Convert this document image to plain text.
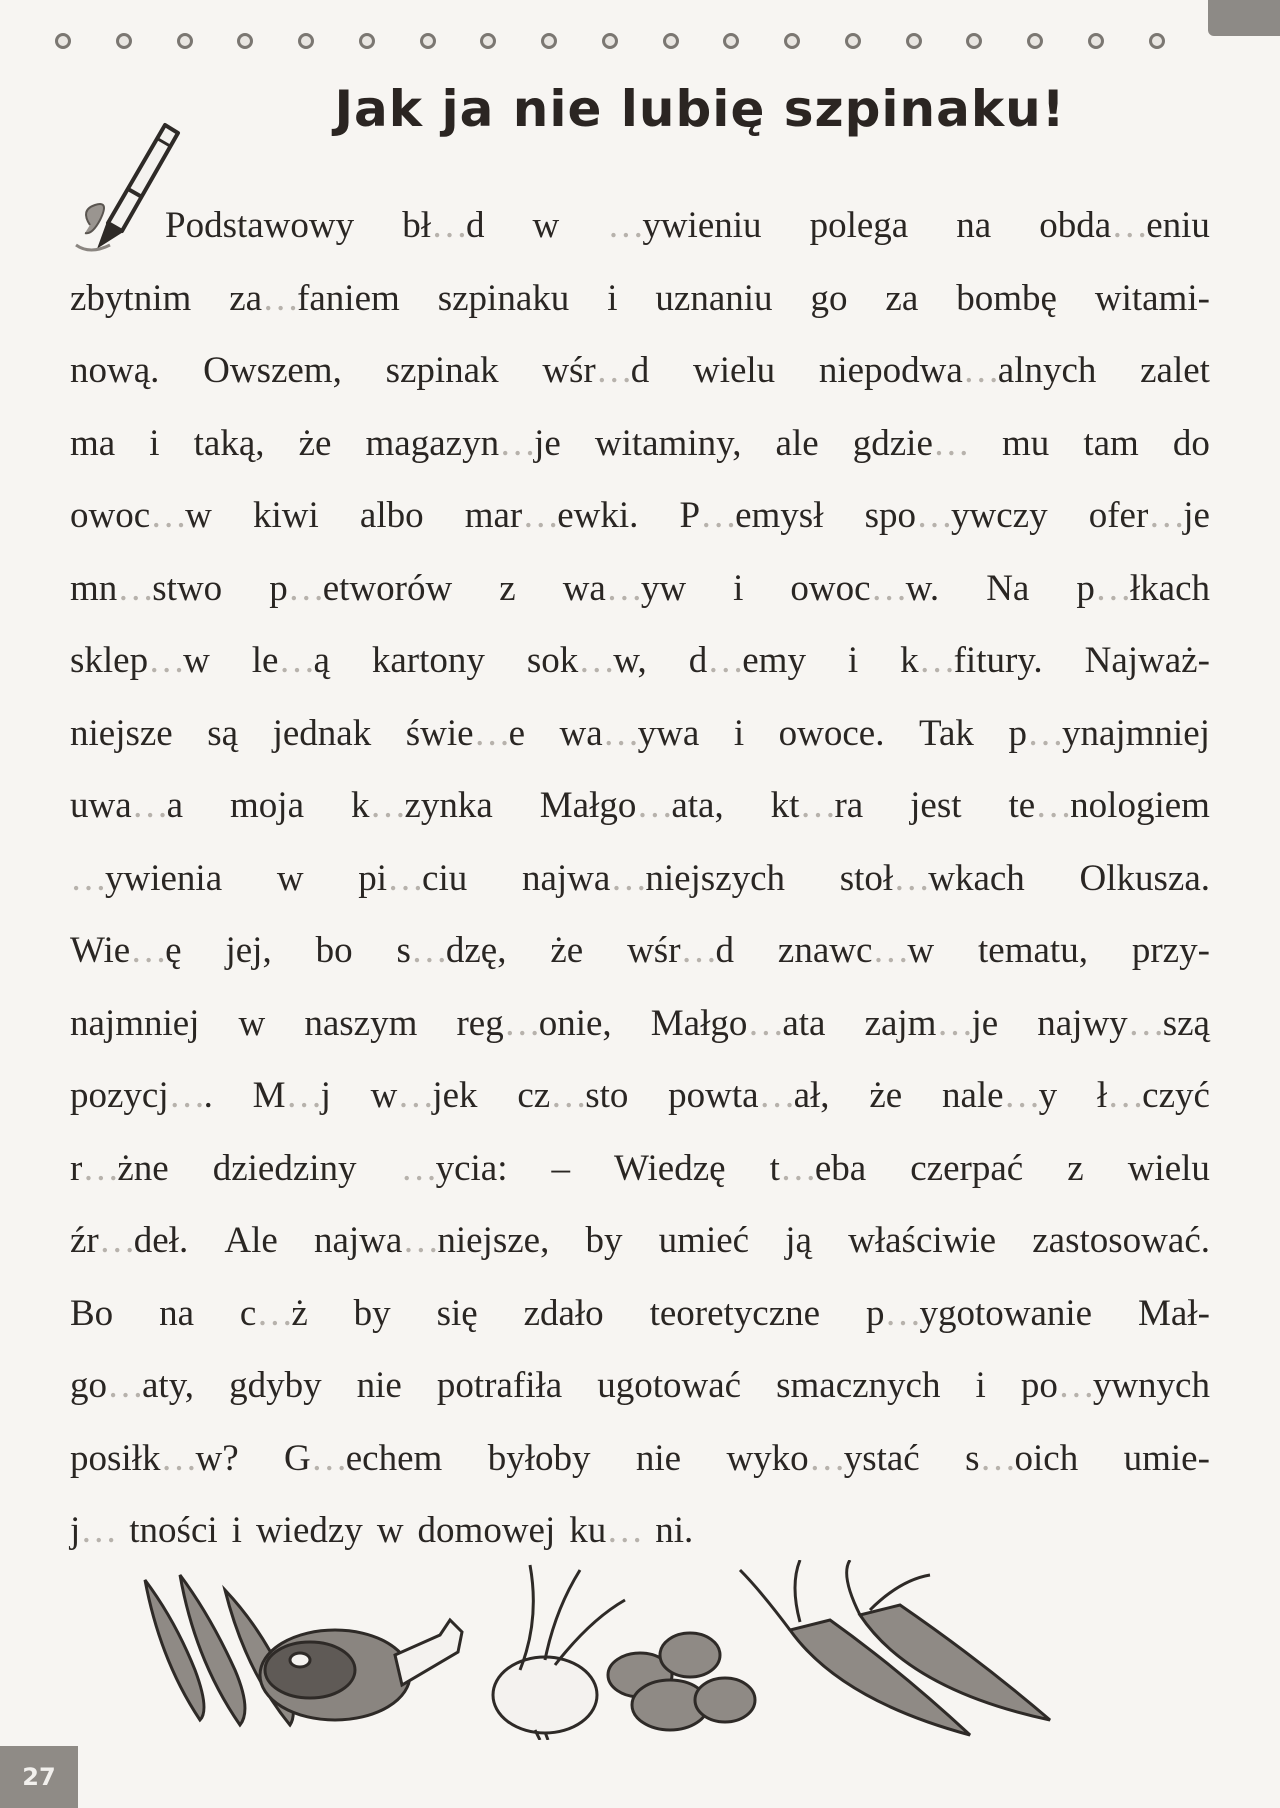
Jak ja nie lubię szpinaku!
Podstawowy bł…d w …ywieniu polega na obda…eniu
zbytnim za…faniem szpinaku i uznaniu go za bombę witami-
nową. Owszem, szpinak wśr…d wielu niepodwa…alnych zalet
ma i taką, że magazyn…je witaminy, ale gdzie… mu tam do
owoc…w kiwi albo mar…ewki. P…emysł spo…ywczy ofer…je
mn…stwo p…etworów z wa…yw i owoc…w. Na p…łkach
sklep…w le…ą kartony sok…w, d…emy i k…fitury. Najważ-
niejsze są jednak świe…e wa…ywa i owoce. Tak p…ynajmniej
uwa…a moja k…zynka Małgo…ata, kt…ra jest te…nologiem
…ywienia w pi…ciu najwa…niejszych stoł…wkach Olkusza.
Wie…ę jej, bo s…dzę, że wśr…d znawc…w tematu, przy-
najmniej w naszym reg…onie, Małgo…ata zajm…je najwy…szą
pozycj…. M…j w…jek cz…sto powta…ał, że nale…y ł…czyć
r…żne dziedziny …ycia: – Wiedzę t…eba czerpać z wielu
źr…deł. Ale najwa…niejsze, by umieć ją właściwie zastosować.
Bo na c…ż by się zdało teoretyczne p…ygotowanie Mał-
go…aty, gdyby nie potrafiła ugotować smacznych i po…ywnych
posiłk…w? G…echem byłoby nie wyko…ystać s…oich umie-
j… tności i wiedzy w domowej ku… ni.
27
